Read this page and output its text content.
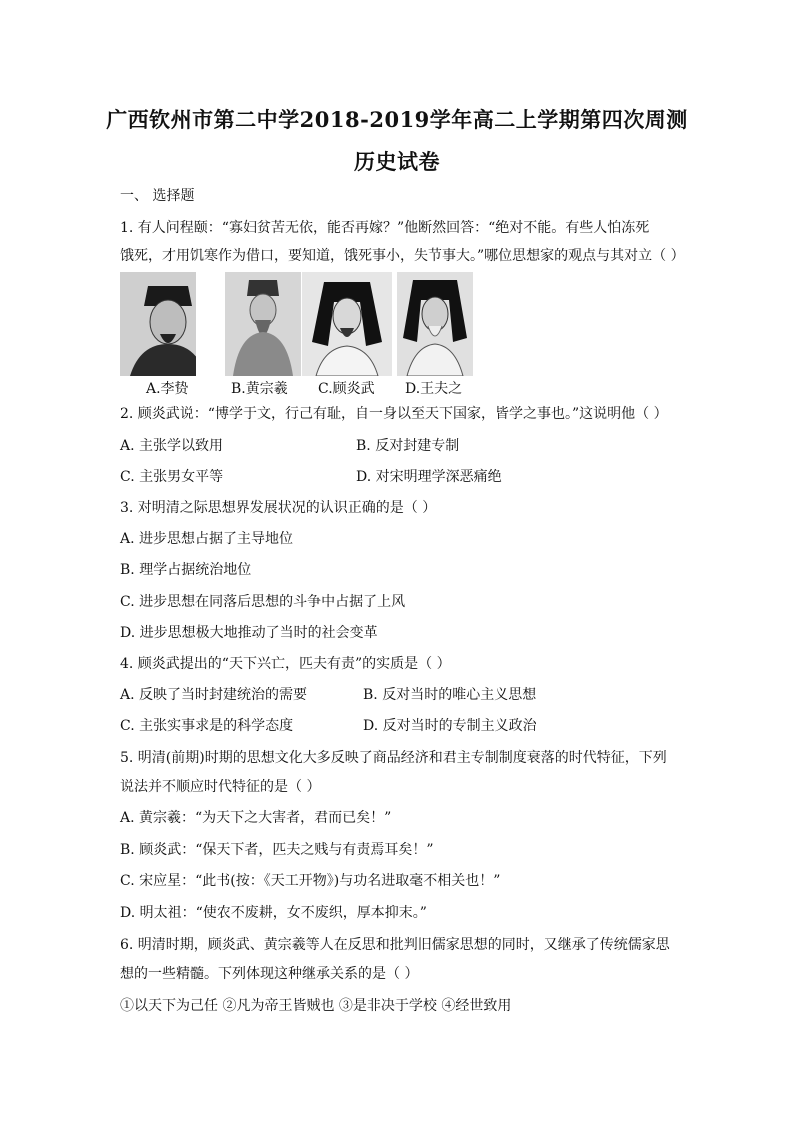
广西钦州市第二中学2018-2019学年高二上学期第四次周测
历史试卷
一、 选择题
1. 有人问程颐：“寡妇贫苦无依，能否再嫁？”他断然回答：“绝对不能。有些人怕冻死
饿死，才用饥寒作为借口，要知道，饿死事小，失节事大。”哪位思想家的观点与其对立（ ）
A.李贽	B.黄宗羲	C.顾炎武	D.王夫之
2. 顾炎武说：“博学于文，行己有耻，自一身以至天下国家，皆学之事也。”这说明他（ ）
A. 主张学以致用	B. 反对封建专制
C. 主张男女平等	D. 对宋明理学深恶痛绝
3. 对明清之际思想界发展状况的认识正确的是（ ）
A. 进步思想占据了主导地位
B. 理学占据统治地位
C. 进步思想在同落后思想的斗争中占据了上风
D. 进步思想极大地推动了当时的社会变革
4. 顾炎武提出的“天下兴亡，匹夫有责”的实质是（ ）
A. 反映了当时封建统治的需要	B. 反对当时的唯心主义思想
C. 主张实事求是的科学态度	D. 反对当时的专制主义政治
5. 明清(前期)时期的思想文化大多反映了商品经济和君主专制制度衰落的时代特征，下列
说法并不顺应时代特征的是（ ）
A. 黄宗羲：“为天下之大害者，君而已矣！”
B. 顾炎武：“保天下者，匹夫之贱与有责焉耳矣！”
C. 宋应星：“此书(按：《天工开物》)与功名进取毫不相关也！”
D. 明太祖：“使农不废耕，女不废织，厚本抑末。”
6. 明清时期，顾炎武、黄宗羲等人在反思和批判旧儒家思想的同时，又继承了传统儒家思
想的一些精髓。下列体现这种继承关系的是（ ）
①以天下为己任 ②凡为帝王皆贼也 ③是非决于学校 ④经世致用
